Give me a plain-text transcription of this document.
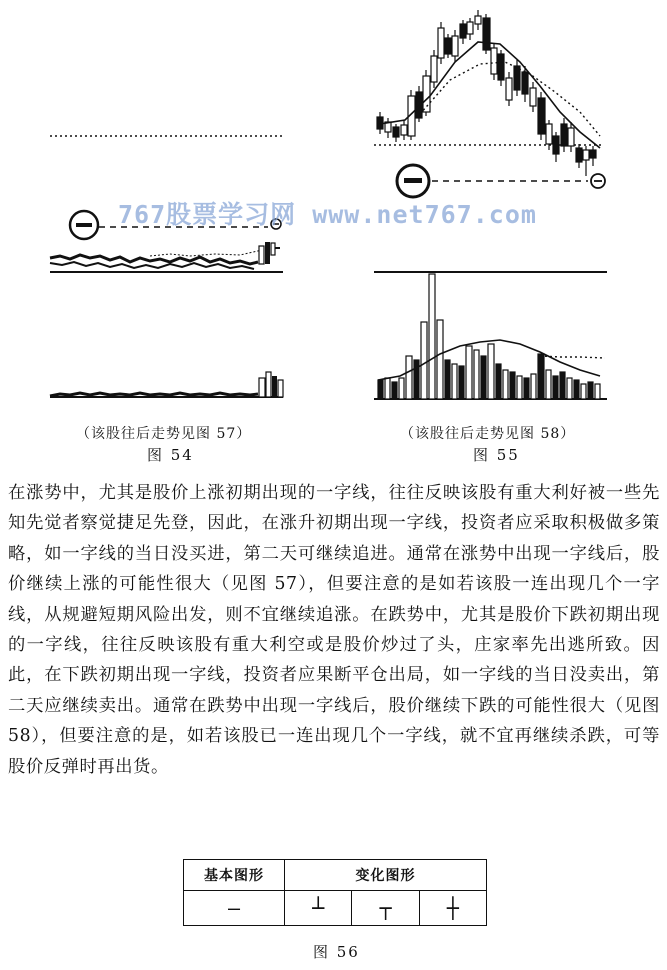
767股票学习网 www.net767.com
（该股往后走势见图 57）
图 54
（该股往后走势见图 58）
图 55
在涨势中，尤其是股价上涨初期出现的一字线，往往反映该股有重大利好被一些先知先觉者察觉捷足先登，因此，在涨升初期出现一字线，投资者应采取积极做多策略，如一字线的当日没买进，第二天可继续追进。通常在涨势中出现一字线后，股价继续上涨的可能性很大（见图 57），但要注意的是如若该股一连出现几个一字线，从规避短期风险出发，则不宜继续追涨。在跌势中，尤其是股价下跌初期出现的一字线，往往反映该股有重大利空或是股价炒过了头，庄家率先出逃所致。因此，在下跌初期出现一字线，投资者应果断平仓出局，如一字线的当日没卖出，第二天应继续卖出。通常在跌势中出现一字线后，股价继续下跌的可能性很大（见图 58），但要注意的是，如若该股已一连出现几个一字线，就不宜再继续杀跌，可等股价反弹时再出货。
基本图形	变化图形		
—	┴	┬	┼
图 56
